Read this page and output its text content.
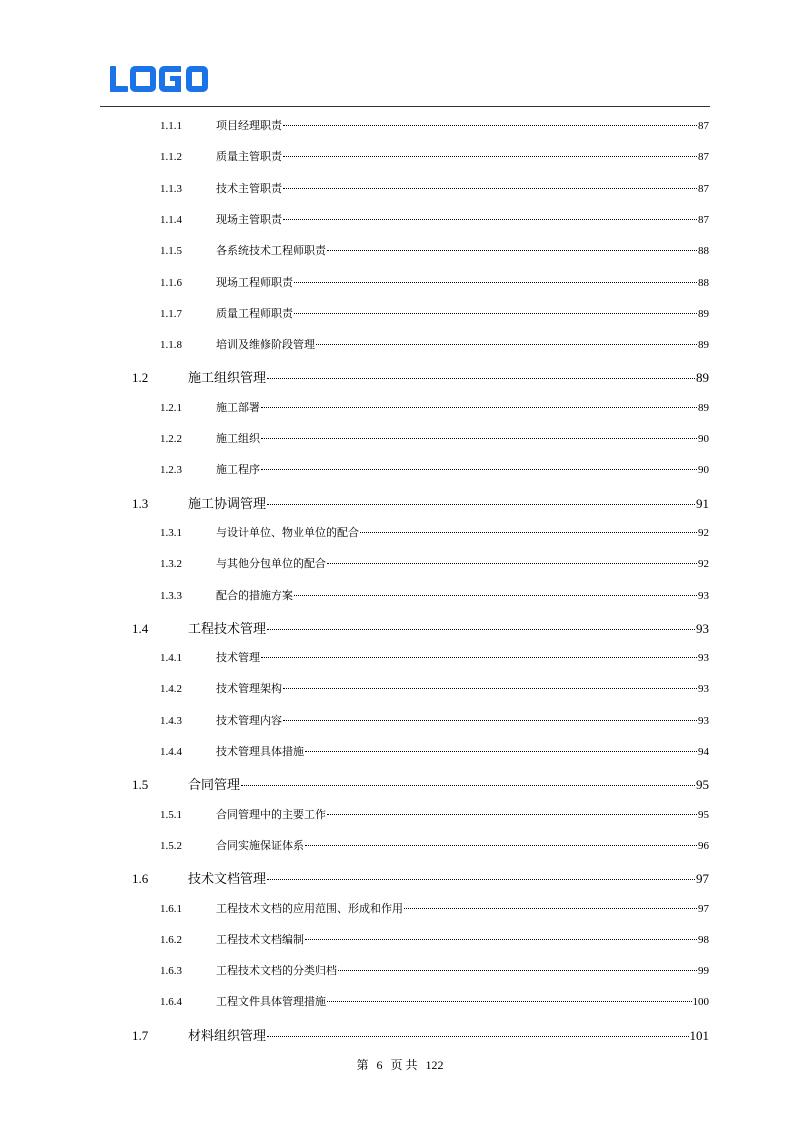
1.1.1	项目经理职责	87
1.1.2	质量主管职责	87
1.1.3	技术主管职责	87
1.1.4	现场主管职责	87
1.1.5	各系统技术工程师职责	88
1.1.6	现场工程师职责	88
1.1.7	质量工程师职责	89
1.1.8	培训及维修阶段管理	89
1.2	施工组织管理	89
1.2.1	施工部署	89
1.2.2	施工组织	90
1.2.3	施工程序	90
1.3	施工协调管理	91
1.3.1	与设计单位、物业单位的配合	92
1.3.2	与其他分包单位的配合	92
1.3.3	配合的措施方案	93
1.4	工程技术管理	93
1.4.1	技术管理	93
1.4.2	技术管理架构	93
1.4.3	技术管理内容	93
1.4.4	技术管理具体措施	94
1.5	合同管理	95
1.5.1	合同管理中的主要工作	95
1.5.2	合同实施保证体系	96
1.6	技术文档管理	97
1.6.1	工程技术文档的应用范围、形成和作用	97
1.6.2	工程技术文档编制	98
1.6.3	工程技术文档的分类归档	99
1.6.4	工程文件具体管理措施	100
1.7	材料组织管理	101
第 6 页 共 122
